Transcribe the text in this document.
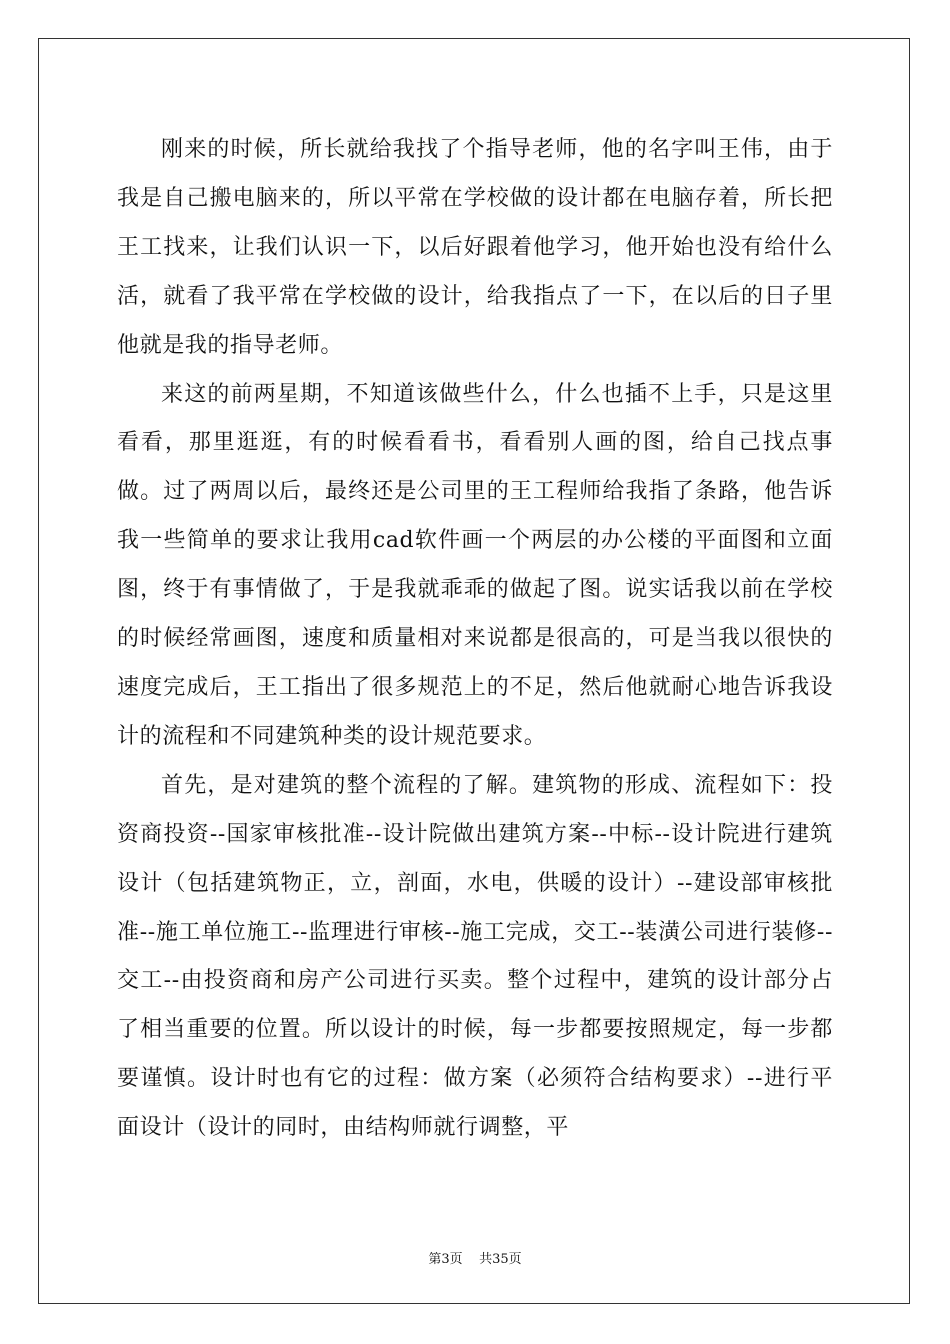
刚来的时候，所长就给我找了个指导老师，他的名字叫王伟，由于我是自己搬电脑来的，所以平常在学校做的设计都在电脑存着，所长把王工找来，让我们认识一下，以后好跟着他学习，他开始也没有给什么活，就看了我平常在学校做的设计，给我指点了一下，在以后的日子里他就是我的指导老师。

来这的前两星期，不知道该做些什么，什么也插不上手，只是这里看看，那里逛逛，有的时候看看书，看看别人画的图，给自己找点事做。过了两周以后，最终还是公司里的王工程师给我指了条路，他告诉我一些简单的要求让我用cad软件画一个两层的办公楼的平面图和立面图，终于有事情做了，于是我就乖乖的做起了图。说实话我以前在学校的时候经常画图，速度和质量相对来说都是很高的，可是当我以很快的速度完成后，王工指出了很多规范上的不足，然后他就耐心地告诉我设计的流程和不同建筑种类的设计规范要求。

首先，是对建筑的整个流程的了解。建筑物的形成、流程如下：投资商投资--国家审核批准--设计院做出建筑方案--中标--设计院进行建筑设计（包括建筑物正，立，剖面，水电，供暖的设计）--建设部审核批准--施工单位施工--监理进行审核--施工完成，交工--装潢公司进行装修--交工--由投资商和房产公司进行买卖。整个过程中，建筑的设计部分占了相当重要的位置。所以设计的时候，每一步都要按照规定，每一步都要谨慎。设计时也有它的过程：做方案（必须符合结构要求）--进行平面设计（设计的同时，由结构师就行调整，平

第3页 共35页
